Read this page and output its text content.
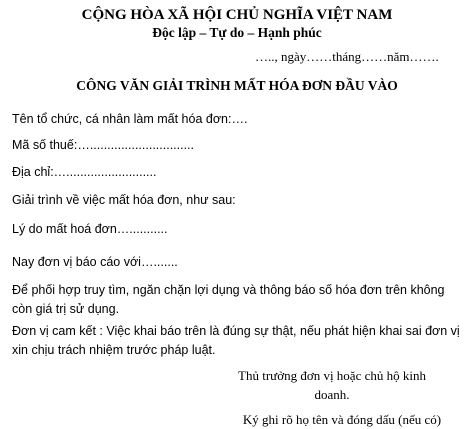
CỘNG HÒA XÃ HỘI CHỦ NGHĨA VIỆT NAM
Độc lập – Tự do – Hạnh phúc
….., ngày……tháng……năm…….
CÔNG VĂN GIẢI TRÌNH MẤT HÓA ĐƠN ĐẦU VÀO
Tên tổ chức, cá nhân làm mất hóa đơn:….
Mã số thuế:…..............................
Địa chỉ:…..........................
Giải trình về việc mất hóa đơn, như sau:
Lý do mất hoá đơn…...........
Nay đơn vị báo cáo với….......
Để phối hợp truy tìm, ngăn chặn lợi dụng và thông báo số hóa đơn trên không còn giá trị sử dụng.
Đơn vị cam kết : Việc khai báo trên là đúng sự thật, nếu phát hiện khai sai đơn vị xin chịu trách nhiệm trước pháp luật.
Thủ trưởng đơn vị hoặc chủ hộ kinh doanh.
Ký ghi rõ họ tên và đóng dấu (nếu có)
